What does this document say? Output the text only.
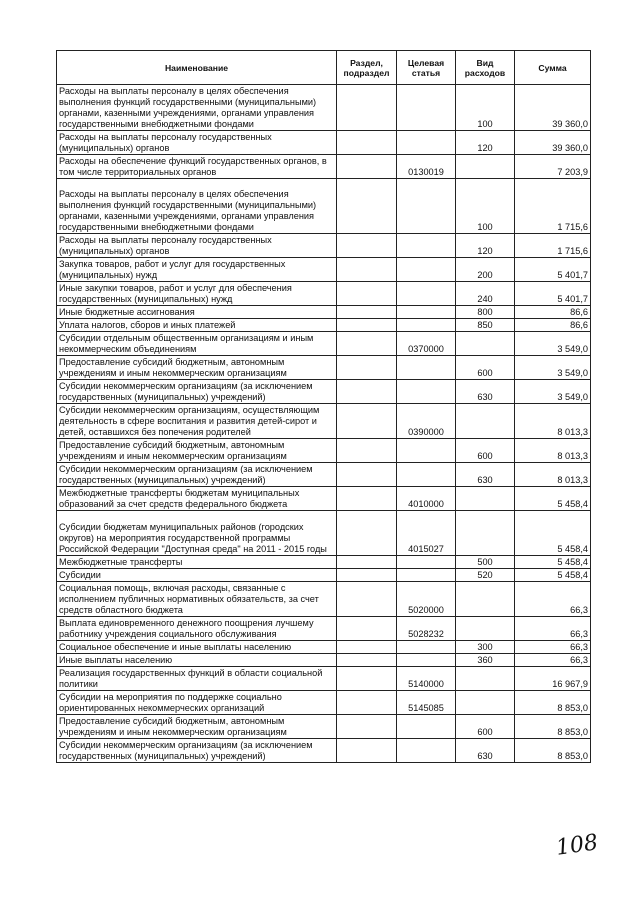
Наименование	Раздел, подраздел	Целевая статья	Вид расходов	Сумма
Расходы на выплаты персоналу в целях обеспечения выполнения функций государственными (муниципальными) органами, казенными учреждениями, органами управления государственными внебюджетными фондами			100	39 360,0
Расходы на выплаты персоналу государственных (муниципальных) органов			120	39 360,0
Расходы на обеспечение функций государственных органов, в том числе территориальных органов		0130019		7 203,9
Расходы на выплаты персоналу в целях обеспечения выполнения функций государственными (муниципальными) органами, казенными учреждениями, органами управления государственными внебюджетными фондами			100	1 715,6
Расходы на выплаты персоналу государственных (муниципальных) органов			120	1 715,6
Закупка товаров, работ и услуг для государственных (муниципальных) нужд			200	5 401,7
Иные закупки товаров, работ и услуг для обеспечения государственных (муниципальных) нужд			240	5 401,7
Иные бюджетные ассигнования			800	86,6
Уплата налогов, сборов и иных платежей			850	86,6
Субсидии отдельным общественным организациям и иным некоммерческим объединениям		0370000		3 549,0
Предоставление субсидий бюджетным, автономным учреждениям и иным некоммерческим организациям			600	3 549,0
Субсидии некоммерческим организациям (за исключением государственных (муниципальных) учреждений)			630	3 549,0
Субсидии некоммерческим организациям, осуществляющим деятельность в сфере воспитания и развития детей-сирот и детей, оставшихся без попечения родителей		0390000		8 013,3
Предоставление субсидий бюджетным, автономным учреждениям и иным некоммерческим организациям			600	8 013,3
Субсидии некоммерческим организациям (за исключением государственных (муниципальных) учреждений)			630	8 013,3
Межбюджетные трансферты бюджетам муниципальных образований за счет средств федерального бюджета		4010000		5 458,4
Субсидии бюджетам муниципальных районов (городских округов) на мероприятия государственной программы Российской Федерации "Доступная среда" на 2011 - 2015 годы		4015027		5 458,4
Межбюджетные трансферты			500	5 458,4
Субсидии			520	5 458,4
Социальная помощь, включая расходы, связанные с исполнением публичных нормативных обязательств, за счет средств областного бюджета		5020000		66,3
Выплата единовременного денежного поощрения лучшему работнику учреждения социального обслуживания		5028232		66,3
Социальное обеспечение и иные выплаты населению			300	66,3
Иные выплаты населению			360	66,3
Реализация государственных функций в области социальной политики		5140000		16 967,9
Субсидии на мероприятия по поддержке социально ориентированных некоммерческих организаций		5145085		8 853,0
Предоставление субсидий бюджетным, автономным учреждениям и иным некоммерческим организациям			600	8 853,0
Субсидии некоммерческим организациям (за исключением государственных (муниципальных) учреждений)			630	8 853,0
108
